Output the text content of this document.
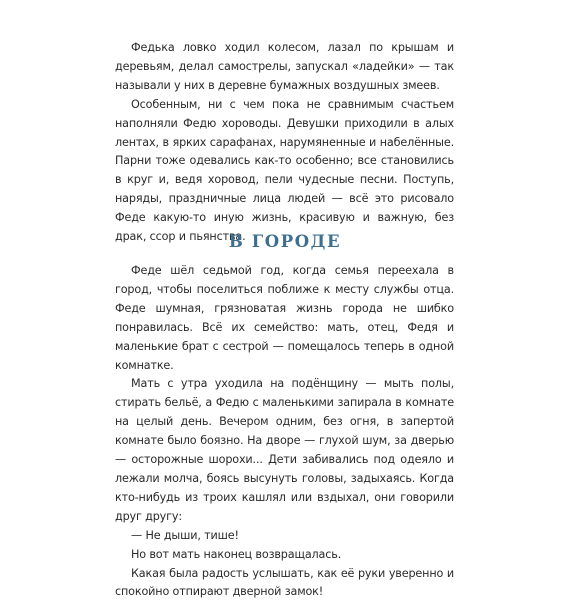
Федька ловко ходил колесом, лазал по крышам и деревьям, делал самострелы, запускал «ладейки» — так называли у них в деревне бумажных воздушных змеев.

Особенным, ни с чем пока не сравнимым счастьем наполняли Федю хороводы. Девушки приходили в алых лентах, в ярких сарафанах, нарумяненные и набелённые. Парни тоже одевались как-то особенно; все становились в круг и, ведя хоровод, пели чудесные песни. Поступь, наряды, праздничные лица людей — всё это рисовало Феде какую-то иную жизнь, красивую и важную, без драк, ссор и пьянства.

В ГОРОДЕ

Феде шёл седьмой год, когда семья переехала в город, чтобы поселиться поближе к месту службы отца. Феде шумная, грязноватая жизнь города не шибко понравилась. Всё их семейство: мать, отец, Федя и маленькие брат с сестрой — помещалось теперь в одной комнатке.

Мать с утра уходила на подёнщину — мыть полы, стирать бельё, а Федю с маленькими запирала в комнате на целый день. Вечером одним, без огня, в запертой комнате было боязно. На дворе — глухой шум, за дверью — осторожные шорохи... Дети забивались под одеяло и лежали молча, боясь высунуть головы, задыхаясь. Когда кто-нибудь из троих кашлял или вздыхал, они говорили друг другу:

— Не дыши, тише!

Но вот мать наконец возвращалась.

Какая была радость услышать, как её руки уверенно и спокойно отпирают дверной замок!
